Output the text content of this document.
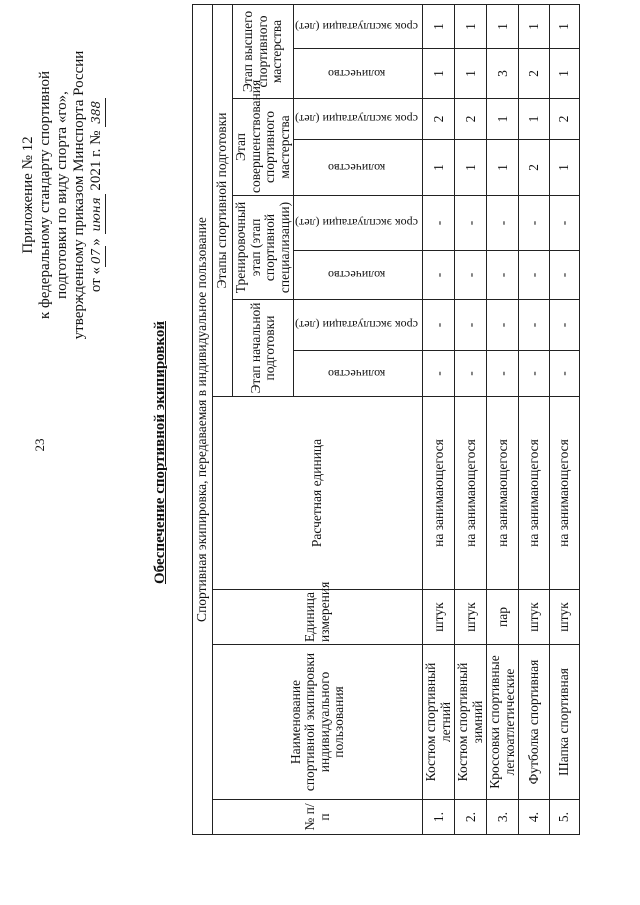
23
Приложение № 12 к федеральному стандарту спортивной подготовки по виду спорта «го», утвержденному приказом Минспорта России от «07» июня 2021 г. № 388
Обеспечение спортивной экипировкой Спортивная экипировка, передаваемая в индивидуальное пользование											
№ п/п	Наименование спортивной экипировки индивидуального пользования	Единица измерения	Расчетная единица	Этапы спортивной подготовки							
				Этап начальной подготовки		Тренировочный этап (этап спортивной специализации)		Этап совершенствования спортивного мастерства		Этап высшего спортивного мастерства	
				количество	срок эксплуатации (лет)	количество	срок эксплуатации (лет)	количество	срок эксплуатации (лет)	количество	срок эксплуатации (лет)

1.	Костюм спортивный летний	штук	на занимающегося	-	-	-	-	1	2	1	1
2.	Костюм спортивный зимний	штук	на занимающегося	-	-	-	-	1	2	1	1
3.	Кроссовки спортивные легкоатлетические	пар	на занимающегося	-	-	-	-	1	1	3	1
4.	Футболка спортивная	штук	на занимающегося	-	-	-	-	2	1	2	1
5.	Шапка спортивная	штук	на занимающегося	-	-	-	-	1	2	1	1
